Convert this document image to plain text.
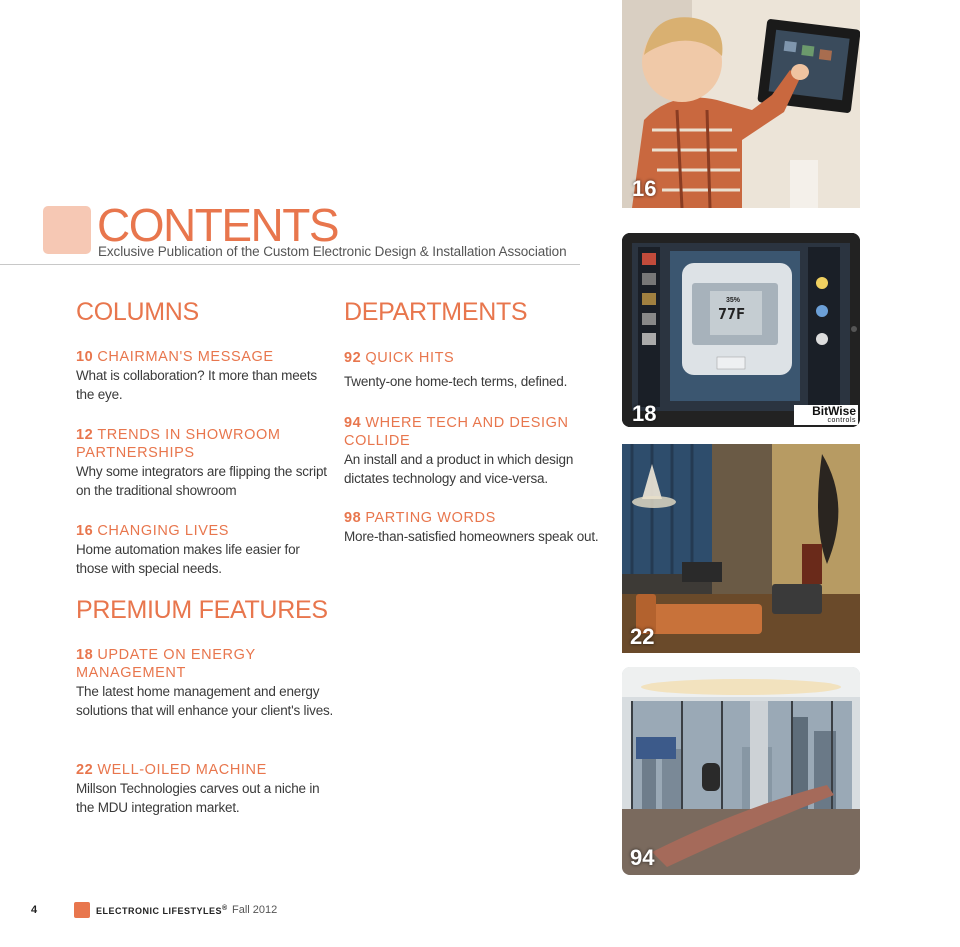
CONTENTS
Exclusive Publication of the Custom Electronic Design & Installation Association
COLUMNS
10 CHAIRMAN'S MESSAGE
What is collaboration? It more than meets the eye.
12 TRENDS IN SHOWROOM PARTNERSHIPS
Why some integrators are flipping the script on the traditional showroom
16 CHANGING LIVES
Home automation makes life easier for those with special needs.
PREMIUM FEATURES
18 UPDATE ON ENERGY MANAGEMENT
The latest home management and energy solutions that will enhance your client's lives.
22 WELL-OILED MACHINE
Millson Technologies carves out a niche in the MDU integration market.
DEPARTMENTS
92 QUICK HITS
Twenty-one home-tech terms, defined.
94 WHERE TECH AND DESIGN COLLIDE
An install and a product in which design dictates technology and vice-versa.
98 PARTING WORDS
More-than-satisfied homeowners speak out.
16
35%
77F
18	BitWise
controls
22
94
4	ELECTRONIC LIFESTYLES® Fall 2012
